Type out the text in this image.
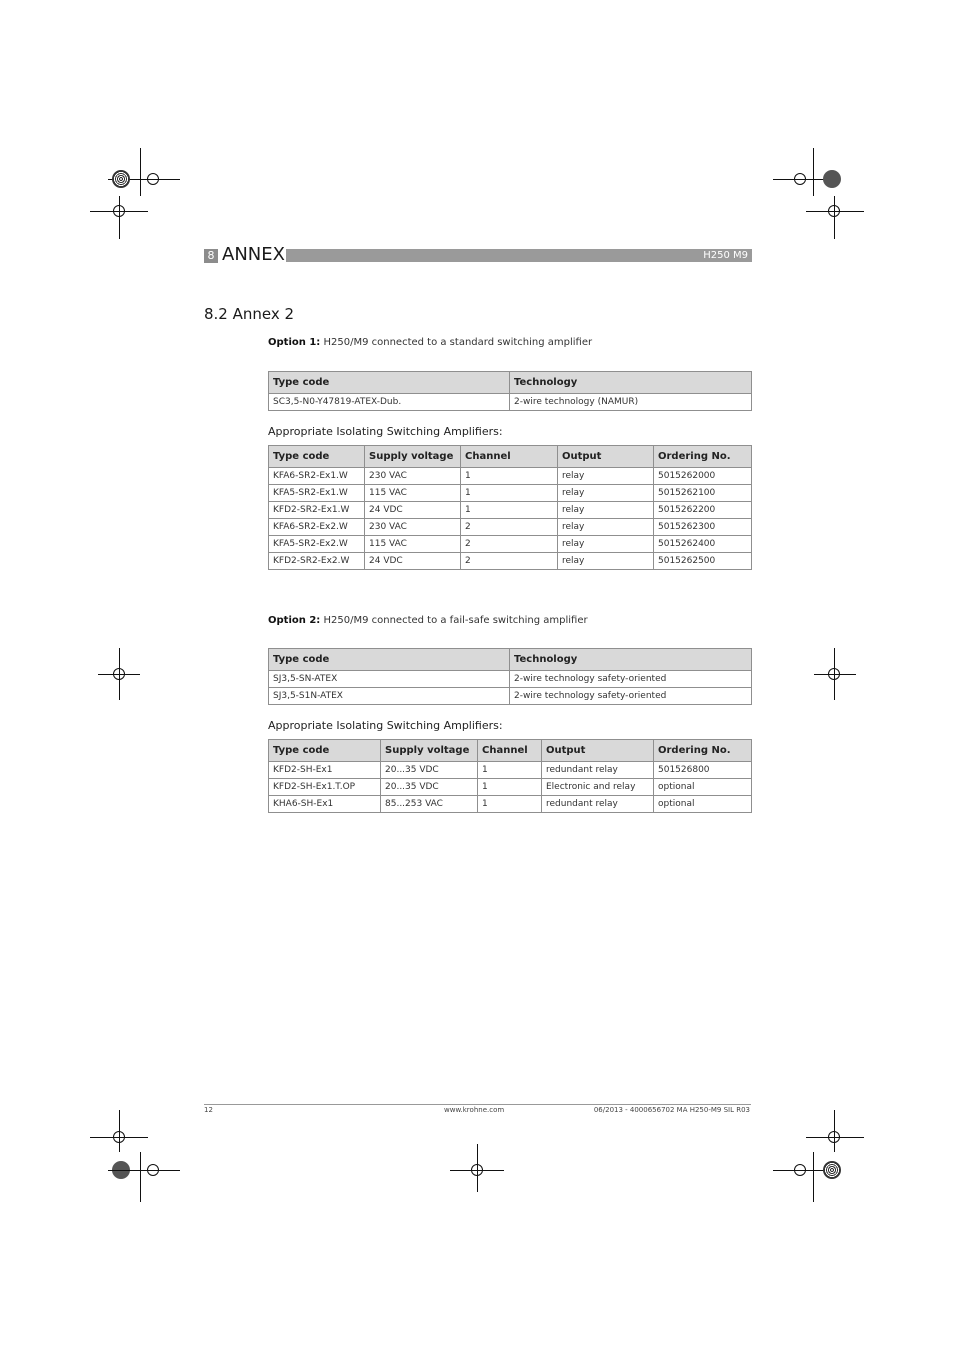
8 ANNEX	H250 M9
8.2 Annex 2
Option 1: H250/M9 connected to a standard switching amplifier
Type code	Technology
SC3,5-N0-Y47819-ATEX-Dub.	2-wire technology (NAMUR)
Appropriate Isolating Switching Amplifiers:
Type code	Supply voltage	Channel	Output	Ordering No.
KFA6-SR2-Ex1.W	230 VAC	1	relay	5015262000
KFA5-SR2-Ex1.W	115 VAC	1	relay	5015262100
KFD2-SR2-Ex1.W	24 VDC	1	relay	5015262200
KFA6-SR2-Ex2.W	230 VAC	2	relay	5015262300
KFA5-SR2-Ex2.W	115 VAC	2	relay	5015262400
KFD2-SR2-Ex2.W	24 VDC	2	relay	5015262500
Option 2: H250/M9 connected to a fail-safe switching amplifier
Type code	Technology
SJ3,5-SN-ATEX	2-wire technology safety-oriented
SJ3,5-S1N-ATEX	2-wire technology safety-oriented
Appropriate Isolating Switching Amplifiers:
Type code	Supply voltage	Channel	Output	Ordering No.
KFD2-SH-Ex1	20...35 VDC	1	redundant relay	501526800
KFD2-SH-Ex1.T.OP	20...35 VDC	1	Electronic and relay	optional
KHA6-SH-Ex1	85...253 VAC	1	redundant relay	optional
12	www.krohne.com	06/2013 - 4000656702 MA H250-M9 SIL R03
